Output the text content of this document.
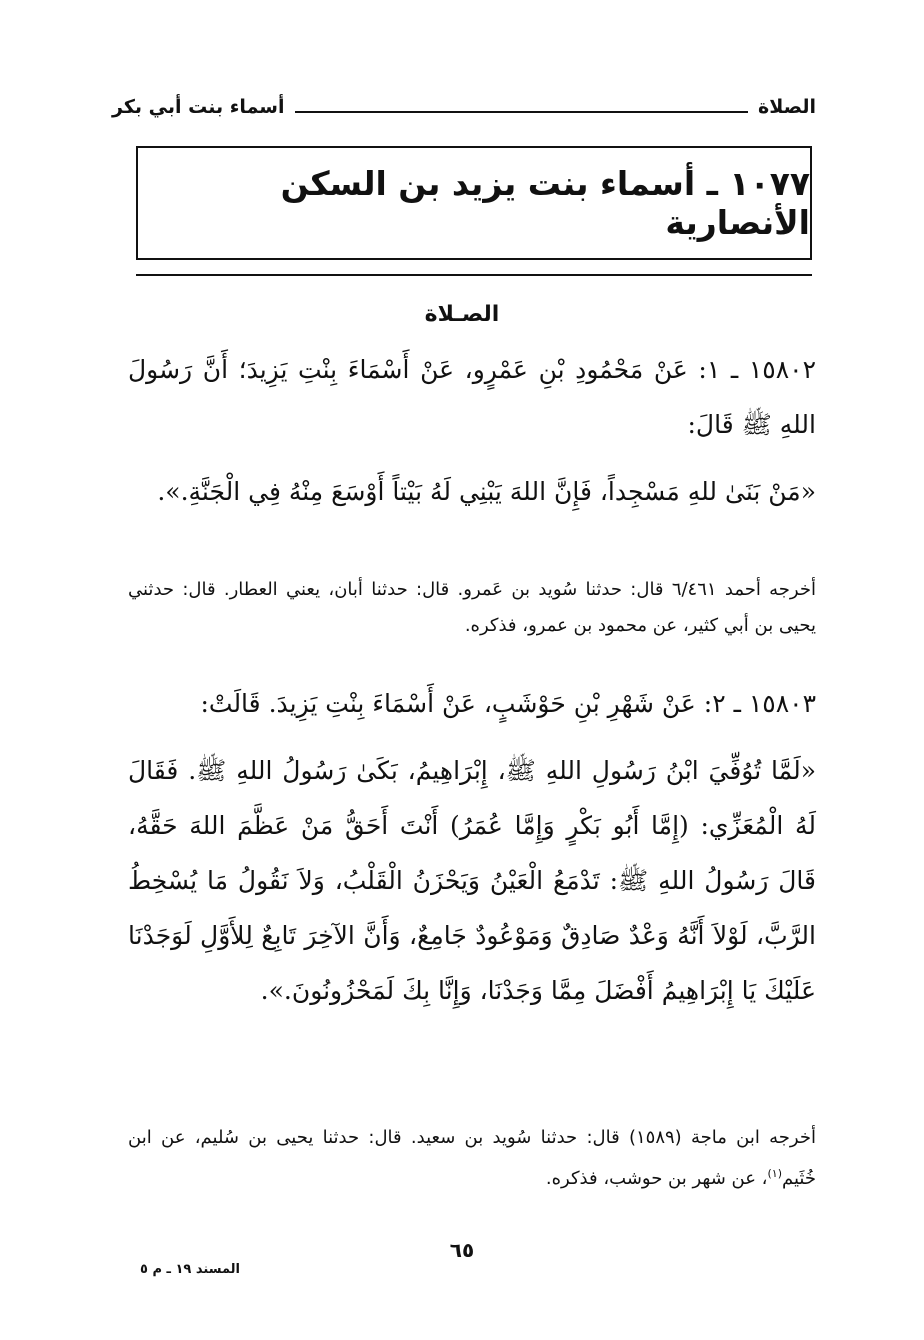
الصلاة
أسماء بنت أبي بكر
١٠٧٧ ـ أسماء بنت يزيد بن السكن الأنصارية
الصـلاة
١٥٨٠٢ ـ ١: عَنْ مَحْمُودِ بْنِ عَمْرٍو، عَنْ أَسْمَاءَ بِنْتِ يَزِيدَ؛ أَنَّ رَسُولَ اللهِ ﷺ قَالَ:
«مَنْ بَنَىٰ للهِ مَسْجِداً، فَإِنَّ اللهَ يَبْنِي لَهُ بَيْتاً أَوْسَعَ مِنْهُ فِي الْجَنَّةِ.».
أخرجه أحمد ٦/٤٦١ قال: حدثنا سُويد بن عَمرو. قال: حدثنا أبان، يعني العطار. قال: حدثني يحيى بن أبي كثير، عن محمود بن عمرو، فذكره.
١٥٨٠٣ ـ ٢: عَنْ شَهْرِ بْنِ حَوْشَبٍ، عَنْ أَسْمَاءَ بِنْتِ يَزِيدَ. قَالَتْ:
«لَمَّا تُوُفِّيَ ابْنُ رَسُولِ اللهِ ﷺ، إِبْرَاهِيمُ، بَكَىٰ رَسُولُ اللهِ ﷺ. فَقَالَ لَهُ الْمُعَزِّي: (إِمَّا أَبُو بَكْرٍ وَإِمَّا عُمَرُ) أَنْتَ أَحَقُّ مَنْ عَظَّمَ اللهَ حَقَّهُ، قَالَ رَسُولُ اللهِ ﷺ: تَدْمَعُ الْعَيْنُ وَيَحْزَنُ الْقَلْبُ، وَلاَ نَقُولُ مَا يُسْخِطُ الرَّبَّ، لَوْلاَ أَنَّهُ وَعْدٌ صَادِقٌ وَمَوْعُودٌ جَامِعٌ، وَأَنَّ الآخِرَ تَابِعٌ لِلأَوَّلِ لَوَجَدْنَا عَلَيْكَ يَا إِبْرَاهِيمُ أَفْضَلَ مِمَّا وَجَدْنَا، وَإِنَّا بِكَ لَمَحْزُونُونَ.».
أخرجه ابن ماجة (١٥٨٩) قال: حدثنا سُويد بن سعيد. قال: حدثنا يحيى بن سُليم، عن ابن خُثَيم$^{(١)}$، عن شهر بن حوشب، فذكره.
٦٥
المسند ١٩ ـ م ٥
